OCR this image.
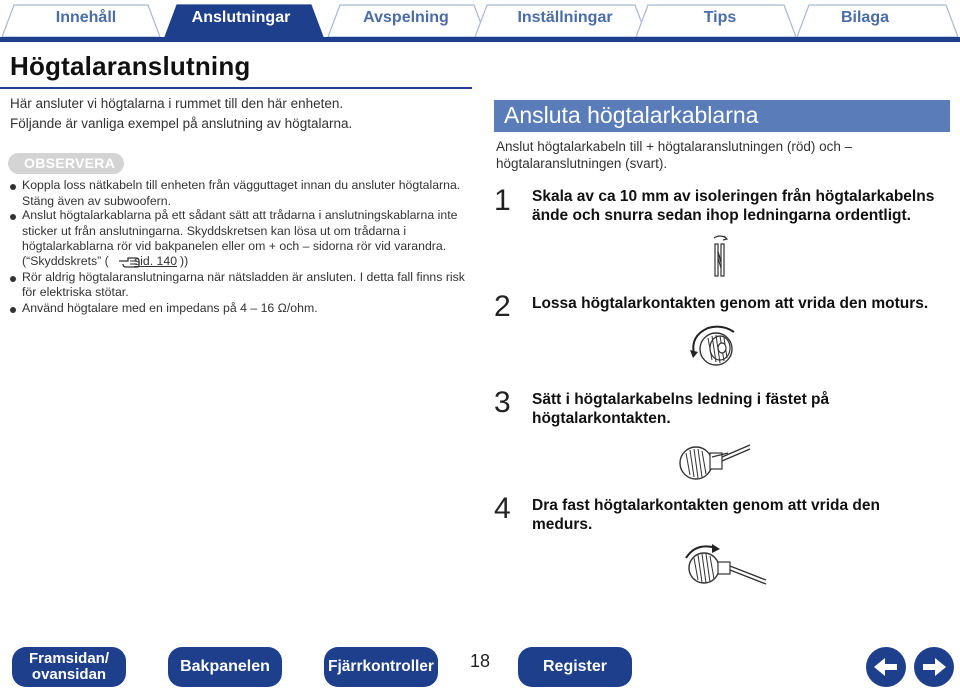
Innehåll	Anslutningar	Avspelning	Inställningar	Tips	Bilaga
Högtalaranslutning
Här ansluter vi högtalarna i rummet till den här enheten.
Följande är vanliga exempel på anslutning av högtalarna.
OBSERVERA
Koppla loss nätkabeln till enheten från vägguttaget innan du ansluter högtalarna.
Stäng även av subwoofern.
Anslut högtalarkablarna på ett sådant sätt att trådarna i anslutningskablarna inte
sticker ut från anslutningarna. Skyddskretsen kan lösa ut om trådarna i
högtalarkablarna rör vid bakpanelen eller om + och – sidorna rör vid varandra.
(“Skyddskrets” ( sid. 140 ))
Rör aldrig högtalaranslutningarna när nätsladden är ansluten. I detta fall finns risk
för elektriska stötar.
Använd högtalare med en impedans på 4 – 16 Ω/ohm.
Ansluta högtalarkablarna
Anslut högtalarkabeln till + högtalaranslutningen (röd) och –
högtalaranslutningen (svart).
1 Skala av ca 10 mm av isoleringen från högtalarkabelns
ände och snurra sedan ihop ledningarna ordentligt.
2 Lossa högtalarkontakten genom att vrida den moturs.
3 Sätt i högtalarkabelns ledning i fästet på
högtalarkontakten.
4 Dra fast högtalarkontakten genom att vrida den
medurs.
Framsidan/
ovansidan	Bakpanelen	Fjärrkontroller 18	Register
